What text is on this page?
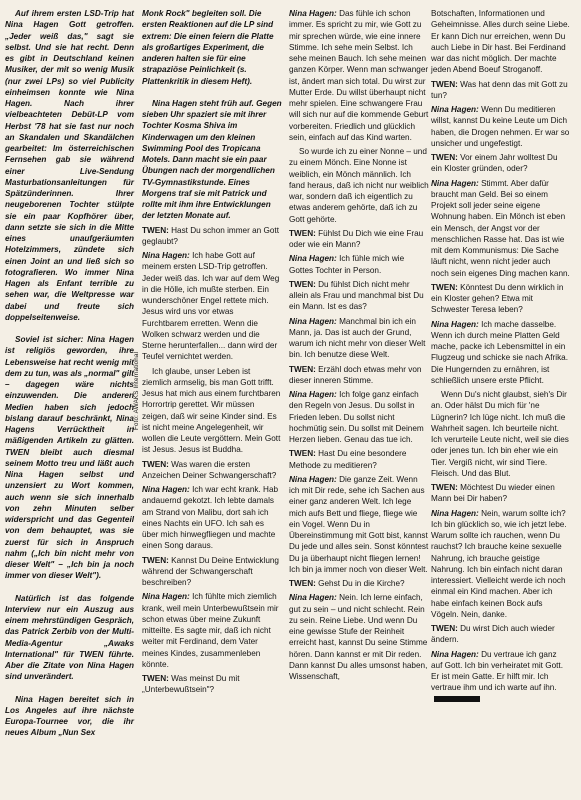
Foto: AWAKS International

Auf ihrem ersten LSD-Trip hat Nina Hagen Gott getroffen. „Jeder weiß das," sagt sie selbst. Und sie hat recht. Denn es gibt in Deutschland keinen Musiker, der mit so wenig Musik (nur zwei LPs) so viel Publicity einheimsen konnte wie Nina Hagen. Nach ihrer vielbeachteten Debüt-LP vom Herbst '78 hat sie fast nur noch an Skandalen und Skandälchen gearbeitet: Im österreichischen Fernsehen gab sie während einer Live-Sendung Masturbationsanleitungen für Spätzünderinnen. Ihrer neugeborenen Tochter stülpte sie ein paar Kopfhörer über, dann setzte sie sich in die Mitte eines unaufgeräumten Hotelzimmers, zündete sich einen Joint an und ließ sich so fotografieren. Wo immer Nina Hagen als Enfant terrible zu sehen war, die Weltpresse war dabei und freute sich doppelseitenweise.

Soviel ist sicher: Nina Hagen ist religiös geworden, ihre Lebensweise hat recht wenig mit dem zu tun, was als „normal" gilt – dagegen wäre nichts einzuwenden. Die anderen Medien haben sich jedoch bislang darauf beschränkt, Nina Hagens Verrücktheit in mäßigenden Artikeln zu glätten. TWEN bleibt auch diesmal seinem Motto treu und läßt auch Nina Hagen selbst und unzensiert zu Wort kommen, auch wenn sie sich innerhalb von zehn Minuten selber widerspricht und das Gegenteil von dem behauptet, was sie zuerst für sich in Anspruch nahm („Ich bin nicht mehr von dieser Welt" – „Ich bin ja noch immer von dieser Welt").

Natürlich ist das folgende Interview nur ein Auszug aus einem mehrstündigen Gespräch, das Patrick Zerbib von der Multi-Media-Agentur „Awaks International" für TWEN führte. Aber die Zitate von Nina Hagen sind unverändert.

Nina Hagen bereitet sich in Los Angeles auf ihre nächste Europa-Tournee vor, die ihr neues Album „Nun Sex

Monk Rock" begleiten soll. Die ersten Reaktionen auf die LP sind extrem: Die einen feiern die Platte als großartiges Experiment, die anderen halten sie für eine strapaziöse Peinlichkeit (s. Plattenkritik in diesem Heft).

Nina Hagen steht früh auf. Gegen sieben Uhr spaziert sie mit ihrer Tochter Kosma Shiva im Kinderwagen um den kleinen Swimming Pool des Tropicana Motels. Dann macht sie ein paar Übungen nach der morgendlichen TV-Gymnastikstunde. Eines Morgens traf sie mit Patrick und rollte mit ihm ihre Entwicklungen der letzten Monate auf.

TWEN: Hast Du schon immer an Gott geglaubt?
Nina Hagen: Ich habe Gott auf meinem ersten LSD-Trip getroffen. Jeder weiß das. Ich war auf dem Weg in die Hölle, ich mußte sterben. Ein wunderschöner Engel rettete mich. Jesus wird uns vor etwas Furchtbarem erretten. Wenn die Wolken schwarz werden und die Sterne herunterfallen... dann wird der Teufel vernichtet werden.
Ich glaube, unser Leben ist ziemlich armselig, bis man Gott trifft. Jesus hat mich aus einem furchtbaren Horrortrip gerettet. Wir müssen zeigen, daß wir seine Kinder sind. Es ist nicht meine Angelegenheit, wir wollen die Leute vergöttern. Mein Gott ist Jesus. Jesus ist Buddha.
TWEN: Was waren die ersten Anzeichen Deiner Schwangerschaft?
Nina Hagen: Ich war echt krank. Hab andauernd gekotzt. Ich lebte damals am Strand von Malibu, dort sah ich eines Nachts ein UFO. Ich sah es über mich hinwegfliegen und machte einen Song daraus.
TWEN: Kannst Du Deine Entwicklung während der Schwangerschaft beschreiben?
Nina Hagen: Ich fühlte mich ziemlich krank, weil mein Unterbewußtsein mir schon etwas über meine Zukunft mitteilte. Es sagte mir, daß ich nicht weiter mit Ferdinand, dem Vater meines Kindes, zusammenleben könnte.
TWEN: Was meinst Du mit „Unterbewußtsein"?
Nina Hagen: Das fühle ich schon immer. Es spricht zu mir, wie Gott zu mir sprechen würde, wie eine innere Stimme. Ich sehe mein Selbst. Ich sehe meinen Bauch. Ich sehe meinen ganzen Körper. Wenn man schwanger ist, ändert man sich total. Du wirst zur Mutter Erde. Du willst überhaupt nicht mehr spielen. Eine schwangere Frau will sich nur auf die kommende Geburt vorbereiten. Friedlich und glücklich sein, einfach auf das Kind warten.
So wurde ich zu einer Nonne – und zu einem Mönch. Eine Nonne ist weiblich, ein Mönch männlich. Ich fand heraus, daß ich nicht nur weiblich war, sondern daß ich eigentlich zu etwas anderem gehörte, daß ich zu Gott gehörte.
TWEN: Fühlst Du Dich wie eine Frau oder wie ein Mann?
Nina Hagen: Ich fühle mich wie Gottes Tochter in Person.
TWEN: Du fühlst Dich nicht mehr allein als Frau und manchmal bist Du ein Mann. Ist es das?
Nina Hagen: Manchmal bin ich ein Mann, ja. Das ist auch der Grund, warum ich nicht mehr von dieser Welt bin. Ich benutze diese Welt.
TWEN: Erzähl doch etwas mehr von dieser inneren Stimme.
Nina Hagen: Ich folge ganz einfach den Regeln von Jesus. Du sollst in Frieden leben. Du sollst nicht hochmütig sein. Du sollst mit Deinem Herzen lieben. Genau das tue ich.
TWEN: Hast Du eine besondere Methode zu meditieren?
Nina Hagen: Die ganze Zeit. Wenn ich mit Dir rede, sehe ich Sachen aus einer ganz anderen Welt. Ich lege mich aufs Bett und fliege, fliege wie ein Vogel. Wenn Du in Übereinstimmung mit Gott bist, kannst Du jede und alles sein. Sonst könntest Du ja überhaupt nicht fliegen lernen! Ich bin ja immer noch von dieser Welt.
TWEN: Gehst Du in die Kirche?
Nina Hagen: Nein. Ich lerne einfach, gut zu sein – und nicht schlecht. Rein zu sein. Reine Liebe. Und wenn Du eine gewisse Stufe der Reinheit erreicht hast, kannst Du seine Stimme hören. Dann kannst er mit Dir reden. Dann kannst Du alles umsonst haben, Wissenschaft,
Botschaften, Informationen und Geheimnisse. Alles durch seine Liebe. Er kann Dich nur erreichen, wenn Du auch Liebe in Dir hast. Bei Ferdinand war das nicht möglich. Der machte jeden Abend Boeuf Stroganoff.
TWEN: Was hat denn das mit Gott zu tun?
Nina Hagen: Wenn Du meditieren willst, kannst Du keine Leute um Dich haben, die Drogen nehmen. Er war so unsicher und ungefestigt.
TWEN: Vor einem Jahr wolltest Du ein Kloster gründen, oder?
Nina Hagen: Stimmt. Aber dafür braucht man Geld. Bei so einem Projekt soll jeder seine eigene Wohnung haben. Ein Mönch ist eben ein Mensch, der Angst vor der menschlichen Rasse hat. Das ist wie mit dem Kommunismus: Die Sache läuft nicht, wenn nicht jeder auch noch sein eigenes Ding machen kann.
TWEN: Könntest Du denn wirklich in ein Kloster gehen? Etwa mit Schwester Teresa leben?
Nina Hagen: Ich mache dasselbe. Wenn ich durch meine Platten Geld mache, packe ich Lebensmittel in ein Flugzeug und schicke sie nach Afrika. Die Hungernden zu ernähren, ist schließlich unsere erste Pflicht.
Wenn Du's nicht glaubst, sieh's Dir an. Oder hälst Du mich für 'ne Lügnerin? Ich lüge nicht. Ich muß die Wahrheit sagen. Ich beurteile nicht. Ich verurteile Leute nicht, weil sie dies oder jenes tun. Ich bin eher wie ein Tier. Vergiß nicht, wir sind Tiere. Fleisch. Und das Blut.
TWEN: Möchtest Du wieder einen Mann bei Dir haben?
Nina Hagen: Nein, warum sollte ich? Ich bin glücklich so, wie ich jetzt lebe. Warum sollte ich rauchen, wenn Du rauchst? Ich brauche keine sexuelle Nahrung, ich brauche geistige Nahrung. Ich bin einfach nicht daran interessiert. Vielleicht werde ich noch einmal ein Kind machen. Aber ich habe einfach keinen Bock aufs Vögeln. Nein, danke.
TWEN: Du wirst Dich auch wieder ändern.
Nina Hagen: Du vertraue ich ganz auf Gott. Ich bin verheiratet mit Gott. Er ist mein Gatte. Er hilft mir. Ich vertraue ihm und ich warte auf ihn.
